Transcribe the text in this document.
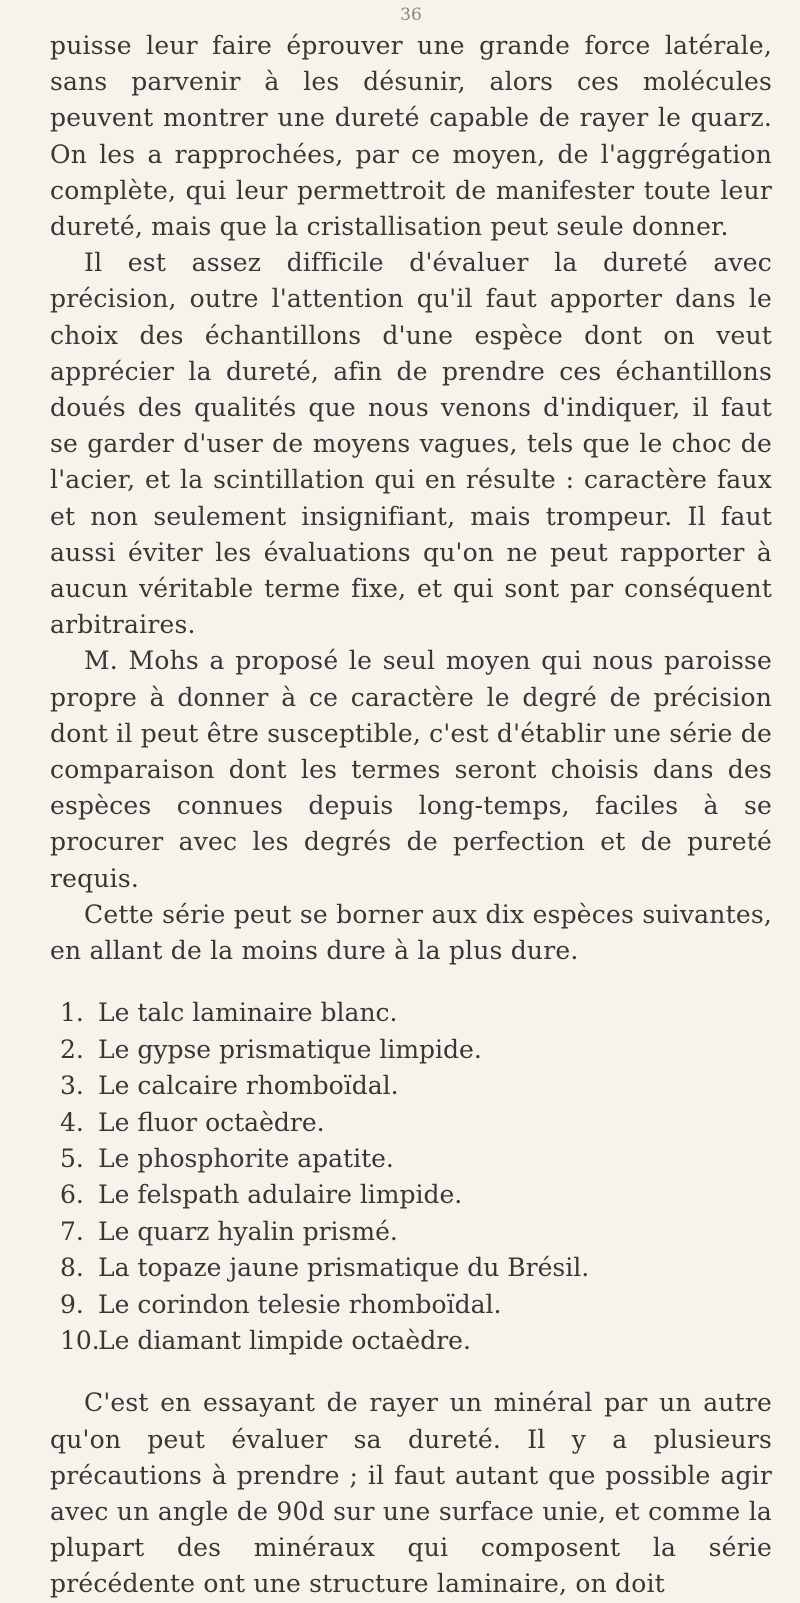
36

puisse leur faire éprouver une grande force latérale, sans parvenir à les désunir, alors ces molécules peuvent montrer une dureté capable de rayer le quarz. On les a rapprochées, par ce moyen, de l'aggrégation complète, qui leur permettroit de manifester toute leur dureté, mais que la cristallisation peut seule donner.

Il est assez difficile d'évaluer la dureté avec précision, outre l'attention qu'il faut apporter dans le choix des échantillons d'une espèce dont on veut apprécier la dureté, afin de prendre ces échantillons doués des qualités que nous venons d'indiquer, il faut se garder d'user de moyens vagues, tels que le choc de l'acier, et la scintillation qui en résulte : caractère faux et non seulement insignifiant, mais trompeur. Il faut aussi éviter les évaluations qu'on ne peut rapporter à aucun véritable terme fixe, et qui sont par conséquent arbitraires.

M. Mohs a proposé le seul moyen qui nous paroisse propre à donner à ce caractère le degré de précision dont il peut être susceptible, c'est d'établir une série de comparaison dont les termes seront choisis dans des espèces connues depuis long-temps, faciles à se procurer avec les degrés de perfection et de pureté requis.

Cette série peut se borner aux dix espèces suivantes, en allant de la moins dure à la plus dure.

1. Le talc laminaire blanc.
2. Le gypse prismatique limpide.
3. Le calcaire rhomboïdal.
4. Le fluor octaèdre.
5. Le phosphorite apatite.
6. Le felspath adulaire limpide.
7. Le quarz hyalin prismé.
8. La topaze jaune prismatique du Brésil.
9. Le corindon telesie rhomboïdal.
10.
Le diamant limpide octaèdre.

C'est en essayant de rayer un minéral par un autre qu'on peut évaluer sa dureté. Il y a plusieurs précautions à prendre ; il faut autant que possible agir avec un angle de 90d sur une surface unie, et comme la plupart des minéraux qui composent la série précédente ont une structure laminaire, on doit
